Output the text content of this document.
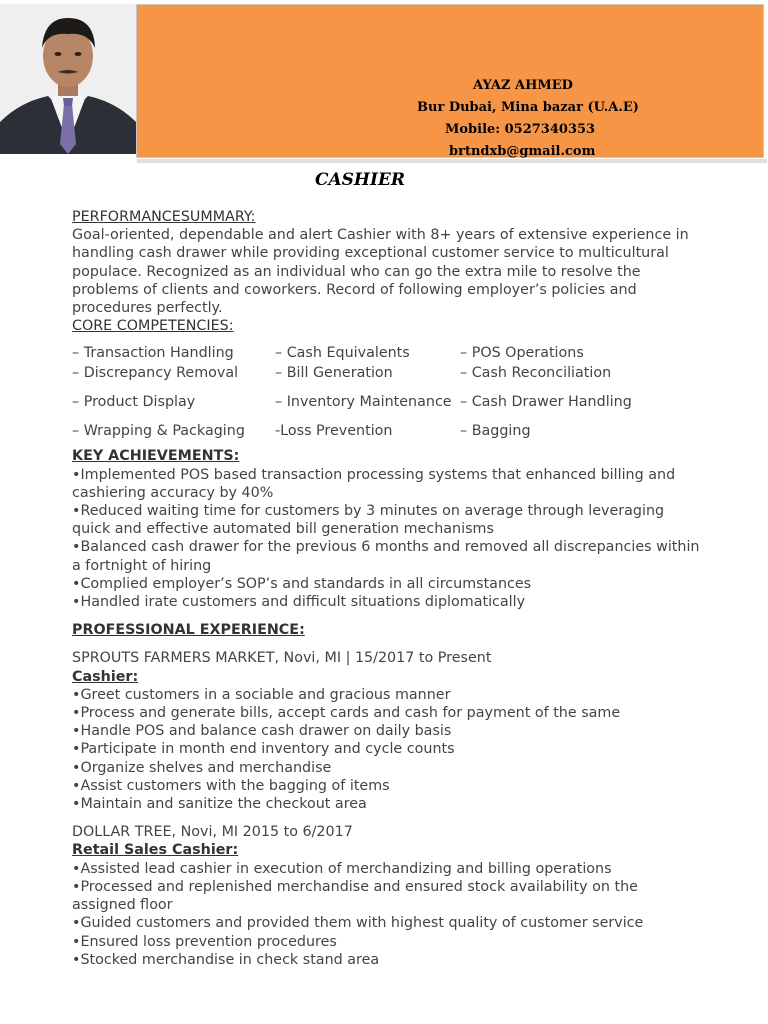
AYAZ AHMED
Bur Dubai, Mina bazar (U.A.E)
Mobile: 0527340353
brtndxb@gmail.com
CASHIER

PERFORMANCESUMMARY:

Goal-oriented, dependable and alert Cashier with 8+ years of extensive experience in handling cash drawer while providing exceptional customer service to multicultural populace. Recognized as an individual who can go the extra mile to resolve the problems of clients and coworkers. Record of following employer’s policies and procedures perfectly.

CORE COMPETENCIES:

– Transaction Handling	– Cash Equivalents	– POS Operations
– Discrepancy Removal	– Bill Generation	– Cash Reconciliation
– Product Display	– Inventory Maintenance	– Cash Drawer Handling
– Wrapping & Packaging	-Loss Prevention	– Bagging

KEY ACHIEVEMENTS:

• Implemented POS based transaction processing systems that enhanced billing and cashiering accuracy by 40%
• Reduced waiting time for customers by 3 minutes on average through leveraging quick and effective automated bill generation mechanisms
• Balanced cash drawer for the previous 6 months and removed all discrepancies within a fortnight of hiring
• Complied employer’s SOP’s and standards in all circumstances
• Handled irate customers and difficult situations diplomatically

PROFESSIONAL EXPERIENCE:

SPROUTS FARMERS MARKET, Novi, MI | 15/2017 to Present

Cashier:

• Greet customers in a sociable and gracious manner
• Process and generate bills, accept cards and cash for payment of the same
• Handle POS and balance cash drawer on daily basis
• Participate in month end inventory and cycle counts
• Organize shelves and merchandise
• Assist customers with the bagging of items
• Maintain and sanitize the checkout area

DOLLAR TREE, Novi, MI 2015 to 6/2017

Retail Sales Cashier:

• Assisted lead cashier in execution of merchandizing and billing operations
• Processed and replenished merchandise and ensured stock availability on the assigned floor
• Guided customers and provided them with highest quality of customer service
• Ensured loss prevention procedures
• Stocked merchandise in check stand area
